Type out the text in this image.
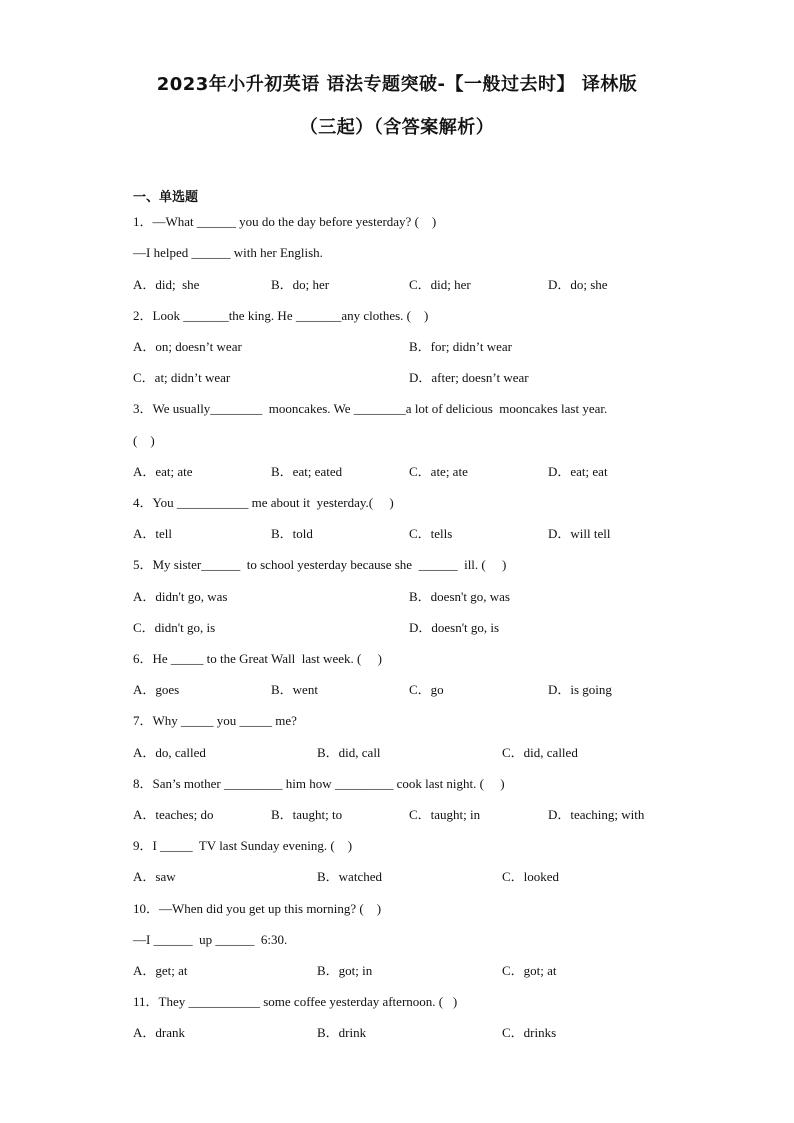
2023年小升初英语 语法专题突破-【一般过去时】 译林版
（三起）（含答案解析）
一、单选题
1．—What ______ you do the day before yesterday? (    )
—I helped ______ with her English.
A．did;  she	B．do; her	C．did; her	D．do; she
2．Look _______the king. He _______any clothes. (    )
A．on; doesn’t wear	B．for; didn’t wear
C．at; didn’t wear	D．after; doesn’t wear
3．We usually________  mooncakes. We ________a lot of delicious  mooncakes last year.
(    )
A．eat; ate	B．eat; eated	C．ate; ate	D．eat; eat
4．You ___________ me about it  yesterday.(     )
A．tell	B．told	C．tells	D．will tell
5．My sister______  to school yesterday because she  ______  ill. (     )
A．didn't go, was	B．doesn't go, was
C．didn't go, is	D．doesn't go, is
6．He _____ to the Great Wall  last week. (     )
A．goes	B．went	C．go	D．is going
7．Why _____ you _____ me?
A．do, called	B．did, call	C．did, called
8．San’s mother _________ him how _________ cook last night. (     )
A．teaches; do	B．taught; to	C．taught; in	D．teaching; with
9．I _____  TV last Sunday evening. (    )
A．saw	B．watched	C．looked
10．—When did you get up this morning? (    )
—I ______  up ______  6:30.
A．get; at	B．got; in	C．got; at
11．They ___________ some coffee yesterday afternoon. (   )
A．drank	B．drink	C．drinks
